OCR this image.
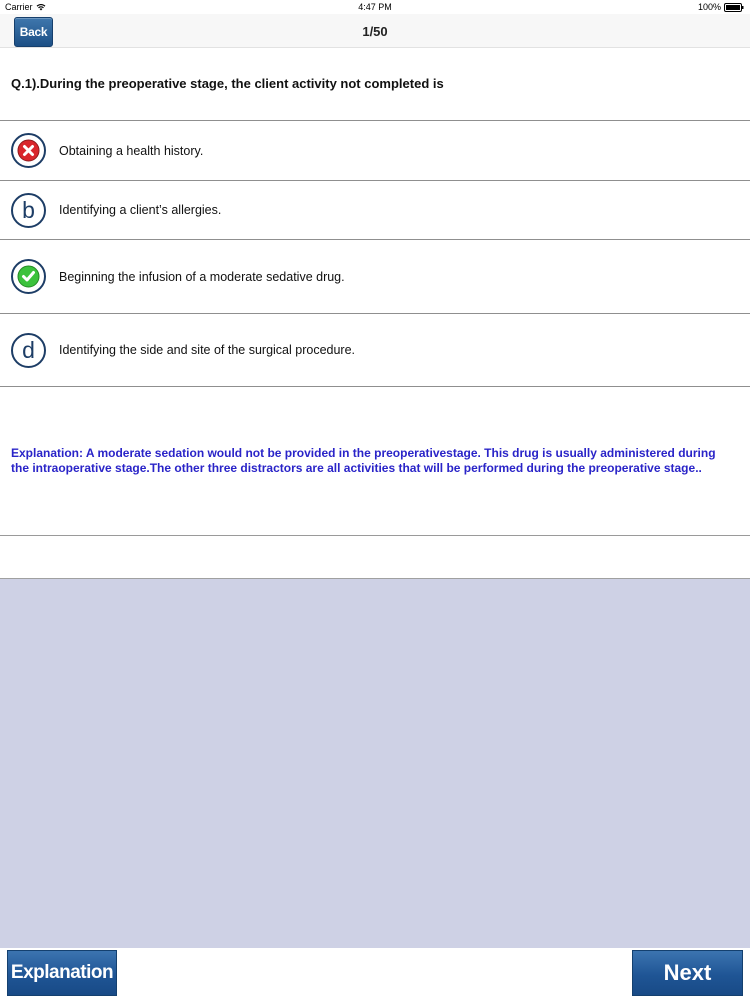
Carrier	4:47 PM	100%
Back	1/50
Q.1).During the preoperative stage, the client activity not completed is
Obtaining a health history.
b Identifying a client’s allergies.
Beginning the infusion of a moderate sedative drug.
d Identifying the side and site of the surgical procedure.
Explanation: A moderate sedation would not be provided in the preoperativestage. This drug is usually administered during the intraoperative stage.The other three distractors are all activities that will be performed during the preoperative stage..
Explanation	Next
